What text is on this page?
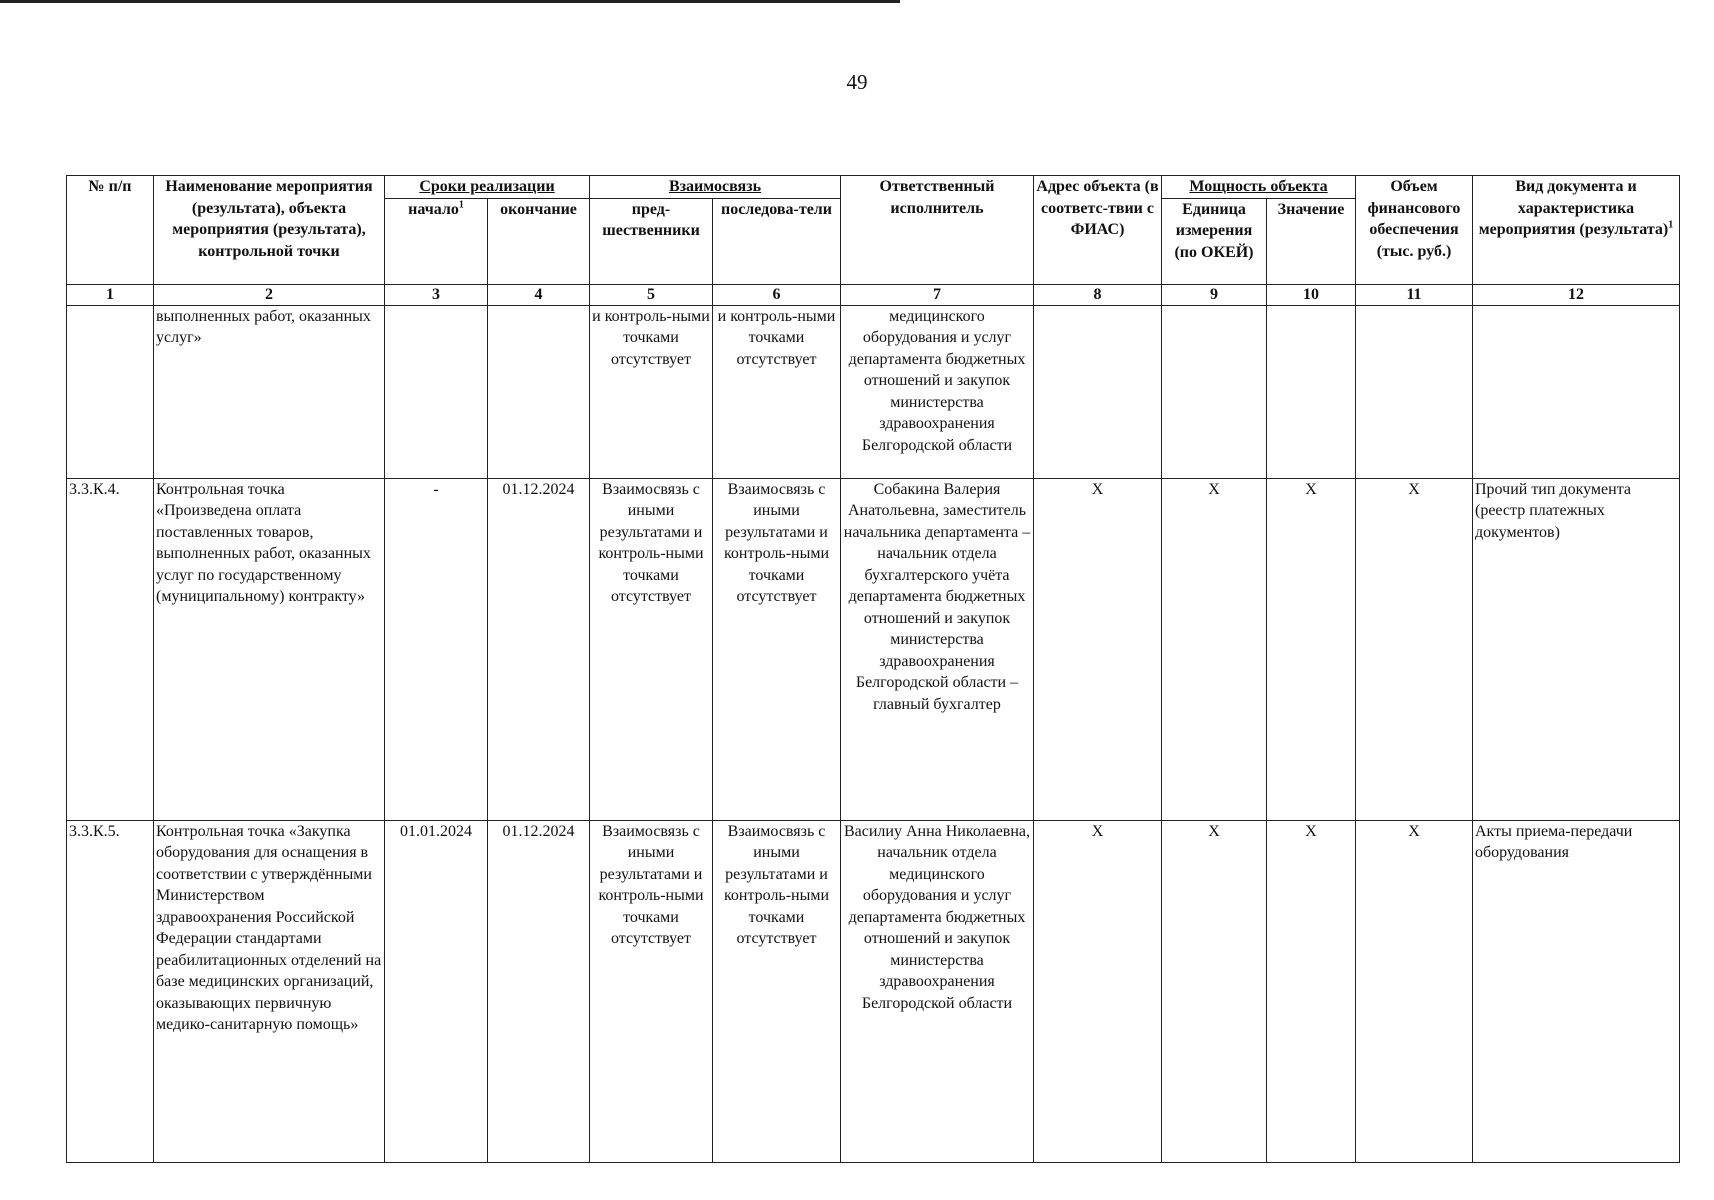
49
№ п/п	Наименование мероприятия (результата), объекта мероприятия (результата), контрольной точки	Сроки реализации		Взаимосвязь		Ответственный исполнитель	Адрес объекта (в соответс-твии с ФИАС)	Мощность объекта		Объем финансового обеспечения (тыс. руб.)	Вид документа и характеристика мероприятия (результата)$^1$
		начало$^1$	окончание	пред-шественники	последова-тели			Единица измерения (по ОКЕЙ)	Значение		
1	2	3	4	5	6	7	8	9	10	11	12
	выполненных работ, оказанных услуг»			и контроль-ными точками отсутствует	и контроль-ными точками отсутствует	медицинского оборудования и услуг департамента бюджетных отношений и закупок министерства здравоохранения Белгородской области					
3.3.К.4.	Контрольная точка «Произведена оплата поставленных товаров, выполненных работ, оказанных услуг по государственному (муниципальному) контракту»	-	01.12.2024	Взаимосвязь с иными результатами и контроль-ными точками отсутствует	Взаимосвязь с иными результатами и контроль-ными точками отсутствует	Собакина Валерия Анатольевна, заместитель начальника департамента – начальник отдела бухгалтерского учёта департамента бюджетных отношений и закупок министерства здравоохранения Белгородской области – главный бухгалтер	X	X	X	X	Прочий тип документа (реестр платежных документов)
3.3.К.5.	Контрольная точка «Закупка оборудования для оснащения в соответствии с утверждёнными Министерством здравоохранения Российской Федерации стандартами реабилитационных отделений на базе медицинских организаций, оказывающих первичную медико-санитарную помощь»	01.01.2024	01.12.2024	Взаимосвязь с иными результатами и контроль-ными точками отсутствует	Взаимосвязь с иными результатами и контроль-ными точками отсутствует	Василиу Анна Николаевна, начальник отдела медицинского оборудования и услуг департамента бюджетных отношений и закупок министерства здравоохранения Белгородской области	X	X	X	X	Акты приема-передачи оборудования
